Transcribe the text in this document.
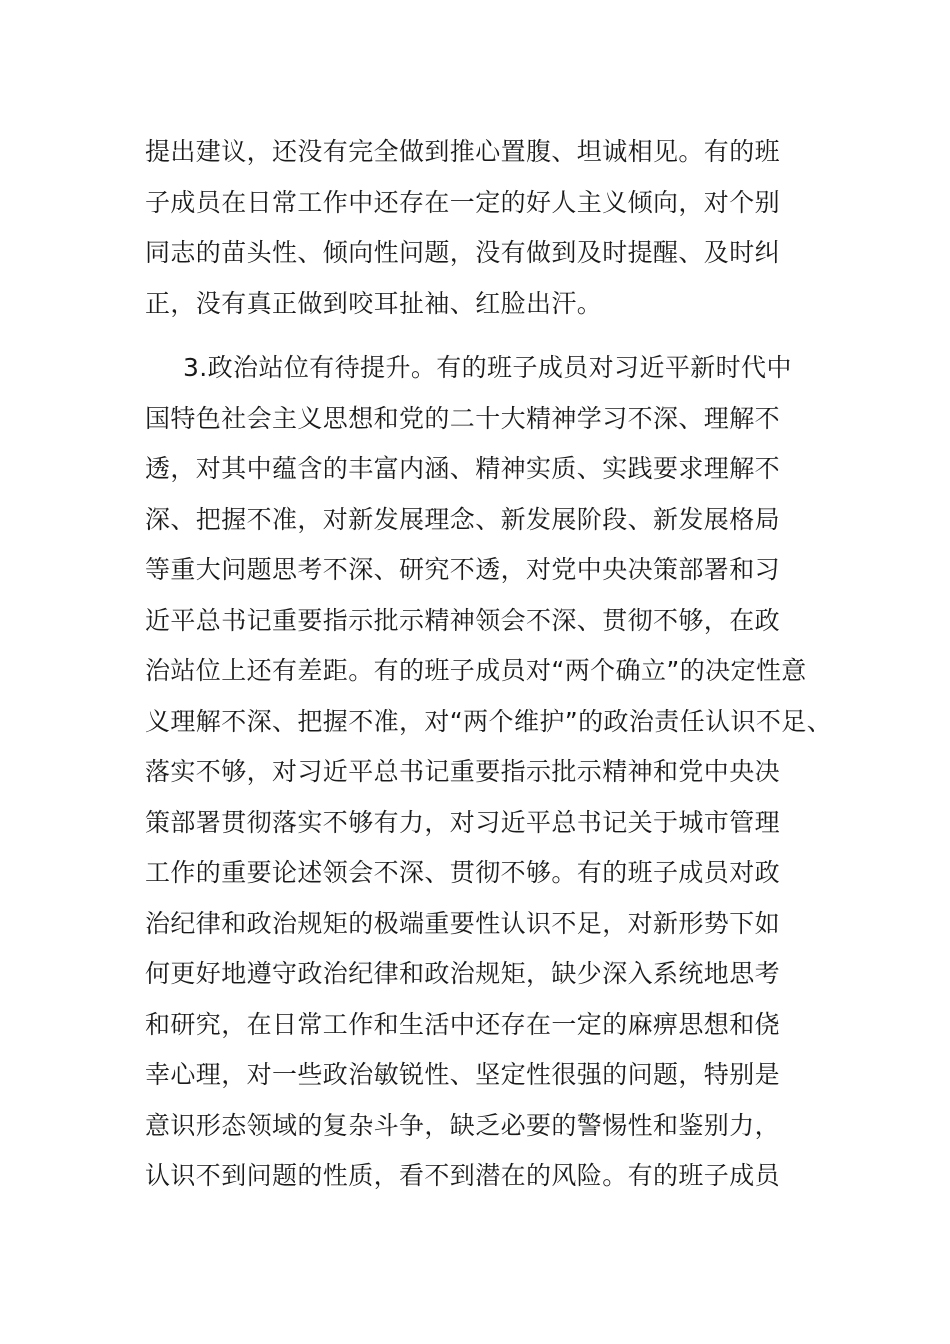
提出建议，还没有完全做到推心置腹、坦诚相见。有的班
子成员在日常工作中还存在一定的好人主义倾向，对个别
同志的苗头性、倾向性问题，没有做到及时提醒、及时纠
正，没有真正做到咬耳扯袖、红脸出汗。
3.政治站位有待提升。有的班子成员对习近平新时代中
国特色社会主义思想和党的二十大精神学习不深、理解不
透，对其中蕴含的丰富内涵、精神实质、实践要求理解不
深、把握不准，对新发展理念、新发展阶段、新发展格局
等重大问题思考不深、研究不透，对党中央决策部署和习
近平总书记重要指示批示精神领会不深、贯彻不够，在政
治站位上还有差距。有的班子成员对“两个确立”的决定性意
义理解不深、把握不准，对“两个维护”的政治责任认识不足、
落实不够，对习近平总书记重要指示批示精神和党中央决
策部署贯彻落实不够有力，对习近平总书记关于城市管理
工作的重要论述领会不深、贯彻不够。有的班子成员对政
治纪律和政治规矩的极端重要性认识不足，对新形势下如
何更好地遵守政治纪律和政治规矩，缺少深入系统地思考
和研究，在日常工作和生活中还存在一定的麻痹思想和侥
幸心理，对一些政治敏锐性、坚定性很强的问题，特别是
意识形态领域的复杂斗争，缺乏必要的警惕性和鉴别力，
认识不到问题的性质，看不到潜在的风险。有的班子成员
